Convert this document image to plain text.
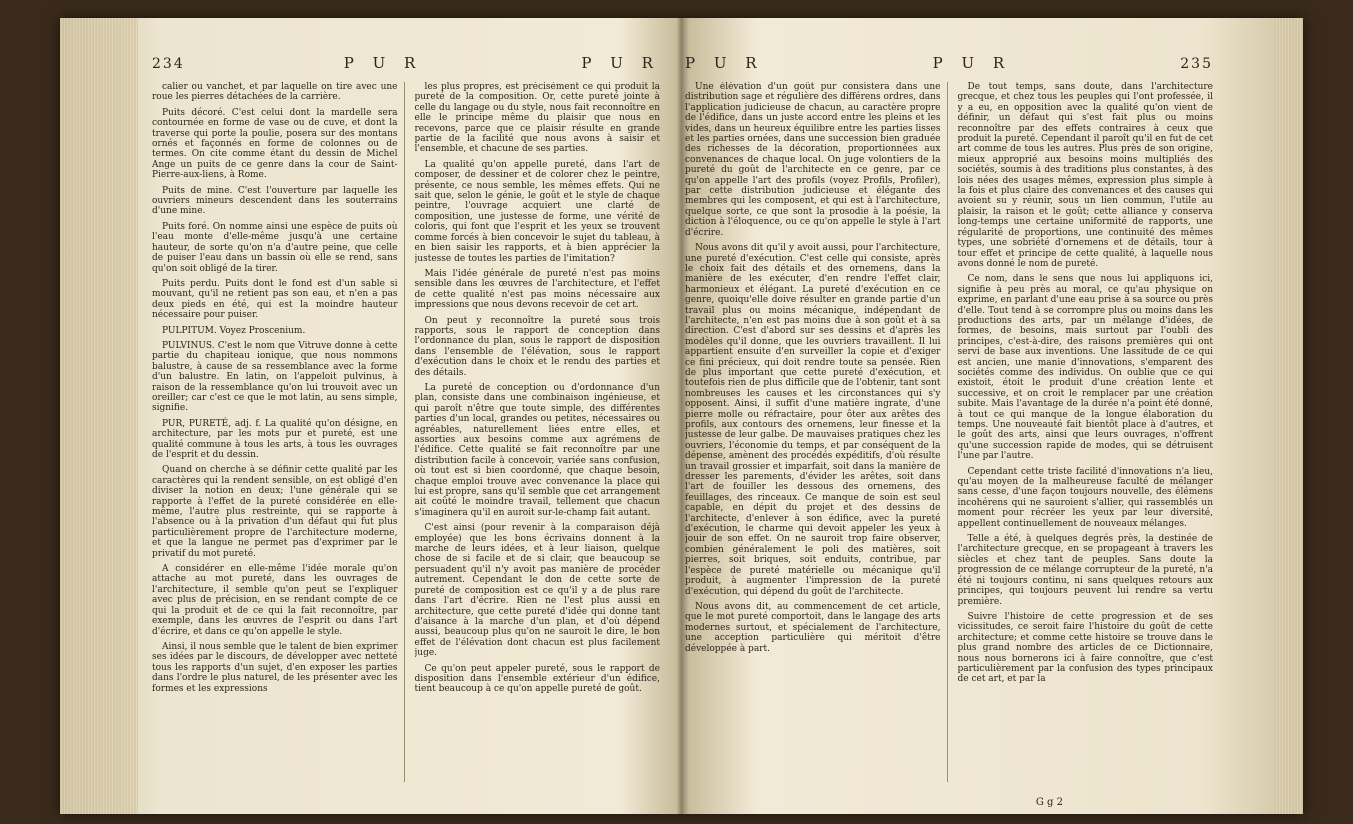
234	P U R	P U R

calier ou vanchet, et par laquelle on tire avec une roue les pierres détachées de la carrière.

Puits décoré. C'est celui dont la mardelle sera contournée en forme de vase ou de cuve, et dont la traverse qui porte la poulie, posera sur des montans ornés et façonnés en forme de colonnes ou de termes. On cite comme étant du dessin de Michel Ange un puits de ce genre dans la cour de Saint-Pierre-aux-liens, à Rome.

Puits de mine. C'est l'ouverture par laquelle les ouvriers mineurs descendent dans les souterrains d'une mine.

Puits foré. On nomme ainsi une espèce de puits où l'eau monte d'elle-même jusqu'à une certaine hauteur, de sorte qu'on n'a d'autre peine, que celle de puiser l'eau dans un bassin où elle se rend, sans qu'on soit obligé de la tirer.

Puits perdu. Puits dont le fond est d'un sable si mouvant, qu'il ne retient pas son eau, et n'en a pas deux pieds en été, qui est la moindre hauteur nécessaire pour puiser.

PULPITUM. Voyez Proscenium.

PULVINUS. C'est le nom que Vitruve donne à cette partie du chapiteau ionique, que nous nommons balustre, à cause de sa ressemblance avec la forme d'un balustre. En latin, on l'appeloit pulvinus, à raison de la ressemblance qu'on lui trouvoit avec un oreiller; car c'est ce que le mot latin, au sens simple, signifie.

PUR, PURETÉ, adj. f. La qualité qu'on désigne, en architecture, par les mots pur et pureté, est une qualité commune à tous les arts, à tous les ouvrages de l'esprit et du dessin.

Quand on cherche à se définir cette qualité par les caractères qui la rendent sensible, on est obligé d'en diviser la notion en deux; l'une générale qui se rapporte à l'effet de la pureté considérée en elle-même, l'autre plus restreinte, qui se rapporte à l'absence ou à la privation d'un défaut qui fut plus particulièrement propre de l'architecture moderne, et que la langue ne permet pas d'exprimer par le privatif du mot pureté.

A considérer en elle-même l'idée morale qu'on attache au mot pureté, dans les ouvrages de l'architecture, il semble qu'on peut se l'expliquer avec plus de précision, en se rendant compte de ce qui la produit et de ce qui la fait reconnoître, par exemple, dans les œuvres de l'esprit ou dans l'art d'écrire, et dans ce qu'on appelle le style.

Ainsi, il nous semble que le talent de bien exprimer ses idées par le discours, de développer avec netteté tous les rapports d'un sujet, d'en exposer les parties dans l'ordre le plus naturel, de les présenter avec les formes et les expressions

les plus propres, est précisément ce qui produit la pureté de la composition. Or, cette pureté jointe à celle du langage ou du style, nous fait reconnoître en elle le principe même du plaisir que nous en recevons, parce que ce plaisir résulte en grande partie de la facilité que nous avons à saisir et l'ensemble, et chacune de ses parties.

La qualité qu'on appelle pureté, dans l'art de composer, de dessiner et de colorer chez le peintre, présente, ce nous semble, les mêmes effets. Qui ne sait que, selon le génie, le goût et le style de chaque peintre, l'ouvrage acquiert une clarté de composition, une justesse de forme, une vérité de coloris, qui font que l'esprit et les yeux se trouvent comme forcés à bien concevoir le sujet du tableau, à en bien saisir les rapports, et à bien apprécier la justesse de toutes les parties de l'imitation?

Mais l'idée générale de pureté n'est pas moins sensible dans les œuvres de l'architecture, et l'effet de cette qualité n'est pas moins nécessaire aux impressions que nous devons recevoir de cet art.

On peut y reconnoître la pureté sous trois rapports, sous le rapport de conception dans l'ordonnance du plan, sous le rapport de disposition dans l'ensemble de l'élévation, sous le rapport d'exécution dans le choix et le rendu des parties et des détails.

La pureté de conception ou d'ordonnance d'un plan, consiste dans une combinaison ingénieuse, et qui paroît n'être que toute simple, des différentes parties d'un local, grandes ou petites, nécessaires ou agréables, naturellement liées entre elles, et assorties aux besoins comme aux agrémens de l'édifice. Cette qualité se fait reconnoître par une distribution facile à concevoir, variée sans confusion, où tout est si bien coordonné, que chaque besoin, chaque emploi trouve avec convenance la place qui lui est propre, sans qu'il semble que cet arrangement ait coûté le moindre travail, tellement que chacun s'imaginera qu'il en auroit sur-le-champ fait autant.

C'est ainsi (pour revenir à la comparaison déjà employée) que les bons écrivains donnent à la marche de leurs idées, et à leur liaison, quelque chose de si facile et de si clair, que beaucoup se persuadent qu'il n'y avoit pas manière de procéder autrement. Cependant le don de cette sorte de pureté de composition est ce qu'il y a de plus rare dans l'art d'écrire. Rien ne l'est plus aussi en architecture, que cette pureté d'idée qui donne tant d'aisance à la marche d'un plan, et d'où dépend aussi, beaucoup plus qu'on ne sauroit le dire, le bon effet de l'élévation dont chacun est plus facilement juge.

Ce qu'on peut appeler pureté, sous le rapport de disposition dans l'ensemble extérieur d'un édifice, tient beaucoup à ce qu'on appelle pureté de goût.

P U R	P U R	235

Une élévation d'un goût pur consistera dans une distribution sage et régulière des différens ordres, dans l'application judicieuse de chacun, au caractère propre de l'édifice, dans un juste accord entre les pleins et les vides, dans un heureux équilibre entre les parties lisses et les parties ornées, dans une succession bien graduée des richesses de la décoration, proportionnées aux convenances de chaque local. On juge volontiers de la pureté du goût de l'architecte en ce genre, par ce qu'on appelle l'art des profils (voyez Profils, Profiler), par cette distribution judicieuse et élégante des membres qui les composent, et qui est à l'architecture, quelque sorte, ce que sont la prosodie à la poésie, la diction à l'éloquence, ou ce qu'on appelle le style à l'art d'écrire.

Nous avons dit qu'il y avoit aussi, pour l'architecture, une pureté d'exécution. C'est celle qui consiste, après le choix fait des détails et des ornemens, dans la manière de les exécuter, d'en rendre l'effet clair, harmonieux et élégant. La pureté d'exécution en ce genre, quoiqu'elle doive résulter en grande partie d'un travail plus ou moins mécanique, indépendant de l'architecte, n'en est pas moins due à son goût et à sa direction. C'est d'abord sur ses dessins et d'après les modèles qu'il donne, que les ouvriers travaillent. Il lui appartient ensuite d'en surveiller la copie et d'exiger ce fini précieux, qui doit rendre toute sa pensée. Rien de plus important que cette pureté d'exécution, et toutefois rien de plus difficile que de l'obtenir, tant sont nombreuses les causes et les circonstances qui s'y opposent. Ainsi, il suffit d'une matière ingrate, d'une pierre molle ou réfractaire, pour ôter aux arêtes des profils, aux contours des ornemens, leur finesse et la justesse de leur galbe. De mauvaises pratiques chez les ouvriers, l'économie du temps, et par conséquent de la dépense, amènent des procédés expéditifs, d'où résulte un travail grossier et imparfait, soit dans la manière de dresser les parements, d'évider les arêtes, soit dans l'art de fouiller les dessous des ornemens, des feuillages, des rinceaux. Ce manque de soin est seul capable, en dépit du projet et des dessins de l'architecte, d'enlever à son édifice, avec la pureté d'exécution, le charme qui devoit appeler les yeux à jouir de son effet. On ne sauroit trop faire observer, combien généralement le poli des matières, soit pierres, soit briques, soit enduits, contribue, par l'espèce de pureté matérielle ou mécanique qu'il produit, à augmenter l'impression de la pureté d'exécution, qui dépend du goût de l'architecte.

Nous avons dit, au commencement de cet article, que le mot pureté comportoit, dans le langage des arts modernes surtout, et spécialement de l'architecture, une acception particulière qui méritoit d'être développée à part.

De tout temps, sans doute, dans l'architecture grecque, et chez tous les peuples qui l'ont professée, il y a eu, en opposition avec la qualité qu'on vient de définir, un défaut qui s'est fait plus ou moins reconnoître par des effets contraires à ceux que produit la pureté. Cependant il paroît qu'il en fut de cet art comme de tous les autres. Plus près de son origine, mieux approprié aux besoins moins multipliés des sociétés, soumis à des traditions plus constantes, à des lois nées des usages mêmes, expression plus simple à la fois et plus claire des convenances et des causes qui avoient su y réunir, sous un lien commun, l'utile au plaisir, la raison et le goût; cette alliance y conserva long-temps une certaine uniformité de rapports, une régularité de proportions, une continuité des mêmes types, une sobriété d'ornemens et de détails, tour à tour effet et principe de cette qualité, à laquelle nous avons donné le nom de pureté.

Ce nom, dans le sens que nous lui appliquons ici, signifie à peu près au moral, ce qu'au physique on exprime, en parlant d'une eau prise à sa source ou près d'elle. Tout tend à se corrompre plus ou moins dans les productions des arts, par un mélange d'idées, de formes, de besoins, mais surtout par l'oubli des principes, c'est-à-dire, des raisons premières qui ont servi de base aux inventions. Une lassitude de ce qui est ancien, une manie d'innovations, s'emparent des sociétés comme des individus. On oublie que ce qui existoit, étoit le produit d'une création lente et successive, et on croit le remplacer par une création subite. Mais l'avantage de la durée n'a point été donné, à tout ce qui manque de la longue élaboration du temps. Une nouveauté fait bientôt place à d'autres, et le goût des arts, ainsi que leurs ouvrages, n'offrent qu'une succession rapide de modes, qui se détruisent l'une par l'autre.

Cependant cette triste facilité d'innovations n'a lieu, qu'au moyen de la malheureuse faculté de mélanger sans cesse, d'une façon toujours nouvelle, des élémens incohérens qui ne sauroient s'allier, qui rassemblés un moment pour récréer les yeux par leur diversité, appellent continuellement de nouveaux mélanges.

Telle a été, à quelques degrés près, la destinée de l'architecture grecque, en se propageant à travers les siècles et chez tant de peuples. Sans doute la progression de ce mélange corrupteur de la pureté, n'a été ni toujours continu, ni sans quelques retours aux principes, qui toujours peuvent lui rendre sa vertu première.

Suivre l'histoire de cette progression et de ses vicissitudes, ce seroit faire l'histoire du goût de cette architecture; et comme cette histoire se trouve dans le plus grand nombre des articles de ce Dictionnaire, nous nous bornerons ici à faire connoître, que c'est particulièrement par la confusion des types principaux de cet art, et par la

G g 2
